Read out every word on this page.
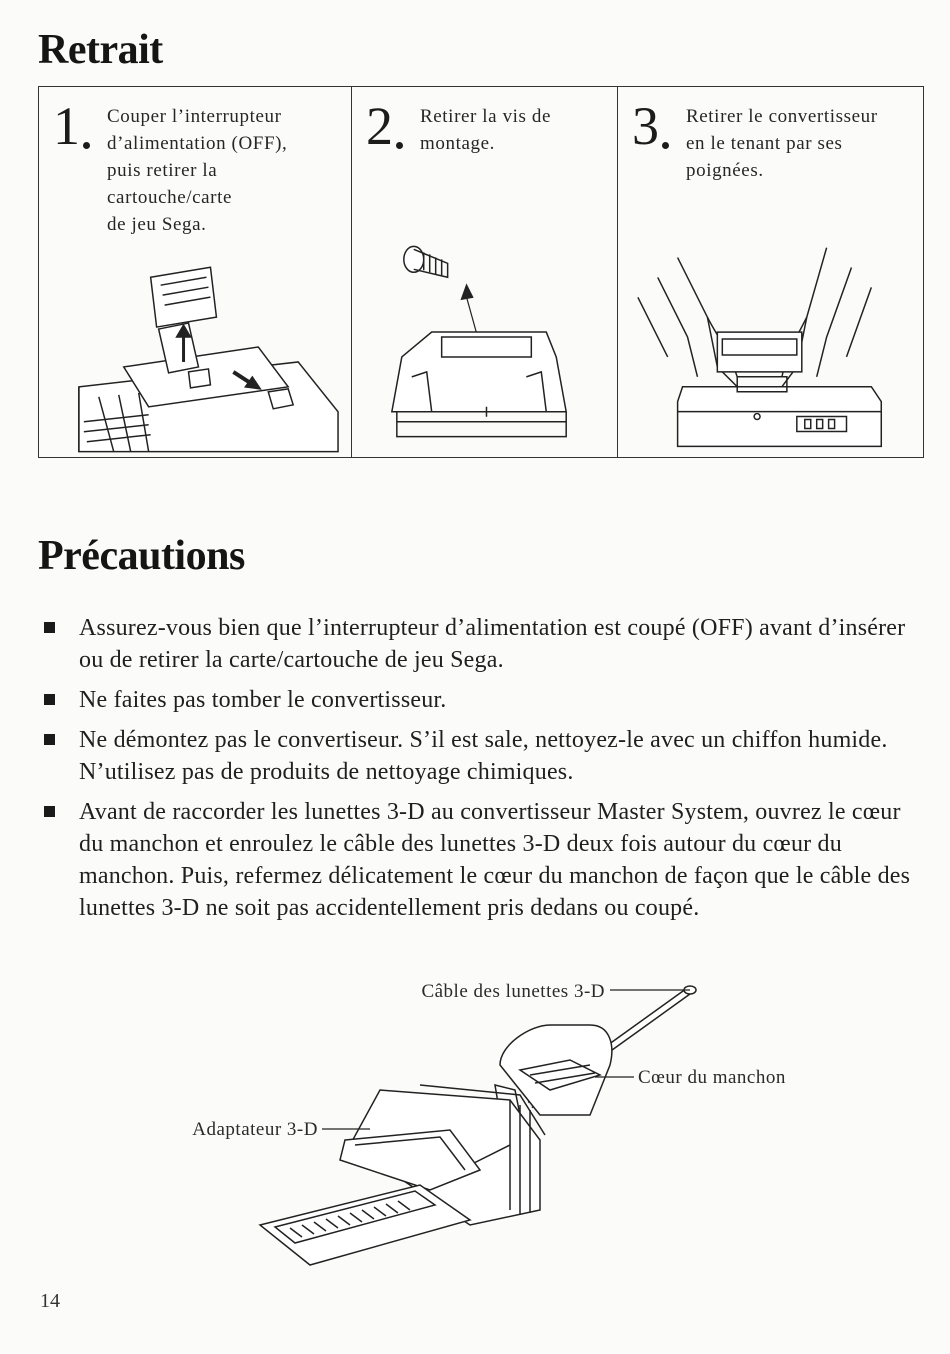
Retrait
1 Couper l’interrupteur
d’alimentation (OFF),
puis retirer la
cartouche/carte
de jeu Sega.
2 Retirer la vis de
montage.	3 Retirer le convertisseur
en le tenant par ses
poignées.
Précautions
Assurez-vous bien que l’interrupteur d’alimentation est coupé (OFF) avant d’insérer ou de retirer la carte/cartouche de jeu Sega.
Ne faites pas tomber le convertisseur.
Ne démontez pas le convertiseur. S’il est sale, nettoyez-le avec un chiffon humide. N’utilisez pas de produits de nettoyage chimiques.
Avant de raccorder les lunettes 3-D au convertisseur Master System, ouvrez le cœur du manchon et enroulez le câble des lunettes 3-D deux fois autour du cœur du manchon. Puis, refermez délicatement le cœur du manchon de façon que le câble des lunettes 3-D ne soit pas accidentellement pris dedans ou coupé.
Câble des lunettes 3-D
Cœur du manchon
Adaptateur 3-D
14
